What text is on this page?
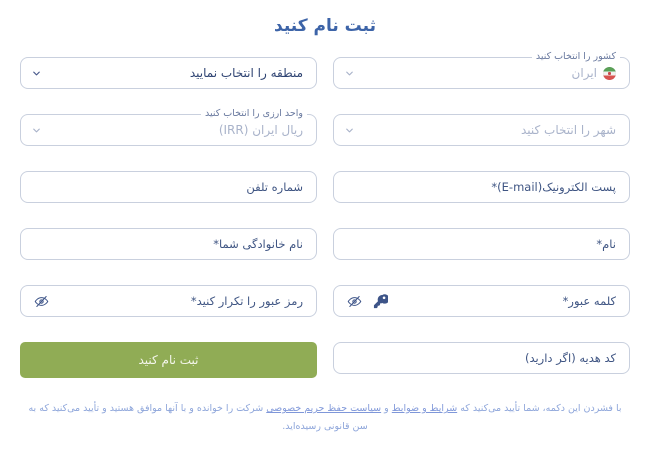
ثبت نام کنید
کشور را انتخاب کنید
ایران
منطقه را انتخاب نمایید
شهر را انتخاب کنید
واحد ارزی را انتخاب کنید
ریال ایران (IRR)
پست الکترونیک(E-mail)*
شماره تلفن
نام*
نام خانوادگی شما*
کد هدیه (اگر دارید)
ثبت نام کنید
با فشردن این دکمه، شما تأیید می‌کنید که شرایط و ضوابط و سیاست حفظ حریم خصوصی شرکت را خوانده و با آنها موافق هستید و تأیید می‌کنید که به سن قانونی رسیده‌اید.
